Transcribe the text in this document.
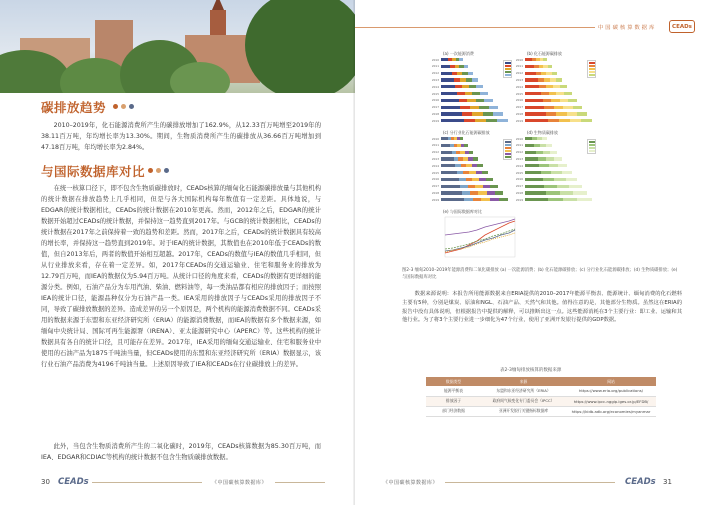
碳排放趋势
2010–2019年，化石能源消费所产生的碳排放增加了162.9%，从12.33百万吨增至2019年的38.11百万吨，年均增长率为13.30%。期间，生物质消费所产生的碳排放从36.66百万吨增加到47.18百万吨，年均增长率为2.84%。
与国际数据库对比
在统一核算口径下，即不包含生物质碳排放时，CEADs核算的缅甸化石能源碳排放量与其他机构的统计数据在排放趋势上几乎相同，但是与各大国际机构每年数值有一定差距。具体地说，与EDGAR的统计数据相比，CEADs的统计数据在2010年更高。然而，2012年之后，EDGAR的统计数据开始超过CEADs的统计数据，并保持这一趋势直到2017年。与GCB的统计数据相比，CEADs的统计数据在2017年之前保持着一致的趋势和差距。然而，2017年之后，CEADs的统计数据具有较高的增长率，并保持这一趋势直到2019年。对于IEA的统计数据，其数值也在2010年低于CEADs的数值，但自2013年后，两者的数值开始相互超越。2017年，CEADs的数值与IEA的数值几乎相同，但从行业排放来看，存在着一定差异。如，2017年CEADs的交通运输业、住宅和服务业的排放为12.79百万吨，而IEA的数据仅为5.94百万吨。从统计口径的角度来看，CEADs的数据有更详细的能源分类。例如，石油产品分为车用汽油、柴油、燃料油等，每一类油品都有相应的排放因子；而按照IEA的统计口径，能源品种仅分为石油产品一类。IEA采用的排放因子与CEADs采用的排放因子不同，导致了碳排放数据的差异。造成差异的另一个原因是，两个机构的能源消费数据不同。CEADs采用的数据来源于东盟和东亚经济研究所（ERIA）的能源消费数据，而IEA的数据有多个数据来源，如缅甸中央统计局、国际可再生能源署（IRENA）、亚太能源研究中心（APERC）等。这些机构的统计数据具有各自的统计口径，且可能存在差异。2017年，IEA采用的缅甸交通运输业、住宅和服务业中使用的石油产品为1875千吨油当量，但CEADs使用的东盟和东亚经济研究所（ERIA）数据显示，该行业石油产品消费为4196千吨油当量。上述原因导致了IEA和CEADs在行业碳排放上的差异。
此外，当包含生物质消费所产生的二氧化碳时，2019年，CEADs核算数据为85.30百万吨，而IEA、EDGAR和CDIAC等机构的统计数据不包含生物质碳排放数据。
30 CEADs	《中国碳核算数据库》
中国碳核算数据库	CEADs
(a) 一次能源消费	(b) 化石能源碳排放
(c) 分行业化石能源碳排放	(d) 生物质碳排放
(e) 与国际数据库对比
2010
2011
2012
2013
2014
2015
2016
2017
2018
2019
2010
2011
2012
2013
2014
2015
2016
2017
2018
2019
2010
2011
2012
2013
2014
2015
2016
2017
2018
2019
2010
2011
2012
2013
2014
2015
2016
2017
2018
2019
图2-3 缅甸2010–2019年能源消费和二氧化碳排放 (a) 一次能源消费；(b) 化石能源碳排放；(c) 分行业化石能源碳排放；(d) 生物质碳排放；(e) 与国际数据库对比
数据来源说明：本报告所用能源数据来自ERIA提供的2010–2017年能源平衡表、能源统计、缅甸消费的化石燃料主要有5种，分别是煤炭、原油和NGL、石油产品、天然气和其他。值得注意的是，其他部分生物质。虽然这在ERIA的报告中没有具体说明，但根据报告中提供的解释，可以推断出这一点。这些能源消耗在3个主要行业：即工业、运输和其他行业。为了将3个主要行业进一步细化为47个行业，使用了亚洲开发银行提供的GDP数据。
表2-3缅甸排放核算的数据来源
数据类型	来源	网站
能源平衡表	东盟和东亚经济研究所（ERIA）	https://www.eria.org/publications/
排放因子	政府间气候变化专门委员会（IPCC）	https://www.ipcc-nggip.iges.or.jp/EFDB/
部门经济数据	亚洲开发银行关键指标数据库	https://kidb.adb.org/economies/myanmar
《中国碳核算数据库》	CEADs 31
